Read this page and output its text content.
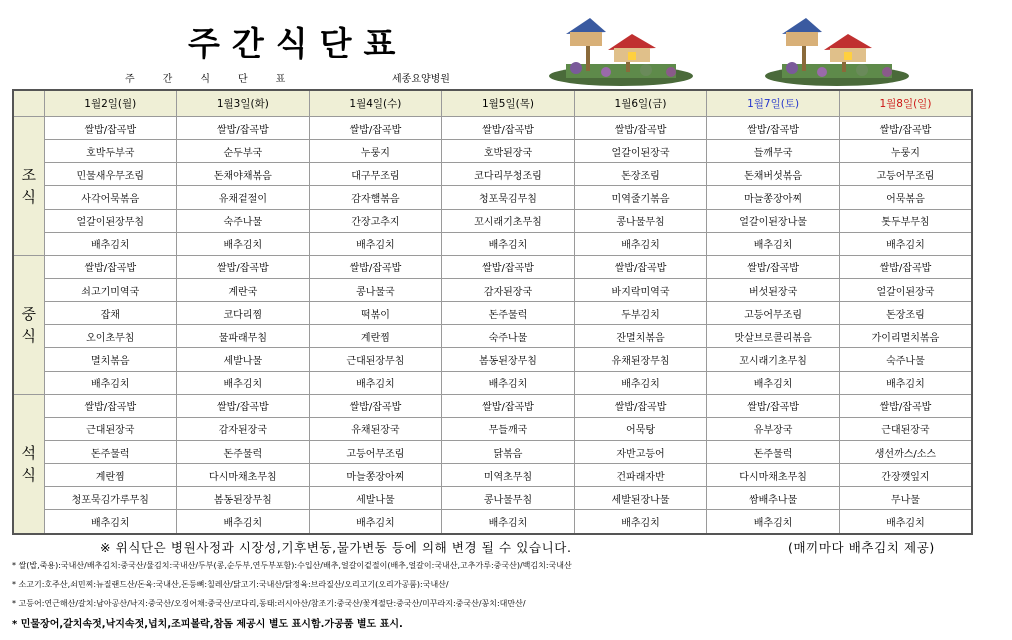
주간식단표
주간식단표	세종요양병원
	1월2일(월)	1월3일(화)	1월4일(수)	1월5일(목)	1월6일(금)	1월7일(토)	1월8일(일)
조
식	쌀밥/잡곡밥	쌀밥/잡곡밥	쌀밥/잡곡밥	쌀밥/잡곡밥	쌀밥/잡곡밥	쌀밥/잡곡밥	쌀밥/잡곡밥
	호박두부국	순두부국	누룽지	호박된장국	얼갈이된장국	들깨무국	누룽지
	민물새우무조림	돈채야채볶음	대구무조림	코다리무청조림	돈장조림	돈채버섯볶음	고등어무조림
	사각어묵볶음	유채겉절이	감자햄볶음	청포묵김무침	미역줄기볶음	마늘쫑장아찌	어묵볶음
	얼갈이된장무침	숙주나물	간장고추지	꼬시래기초무침	콩나물무침	얼갈이된장나물	톳두부무침
	배추김치	배추김치	배추김치	배추김치	배추김치	배추김치	배추김치
중
식	쌀밥/잡곡밥	쌀밥/잡곡밥	쌀밥/잡곡밥	쌀밥/잡곡밥	쌀밥/잡곡밥	쌀밥/잡곡밥	쌀밥/잡곡밥
	쇠고기미역국	계란국	콩나물국	감자된장국	바지락미역국	버섯된장국	얼갈이된장국
	잡채	코다리찜	떡볶이	돈주물럭	두부김치	고등어무조림	돈장조림
	오이초무침	물파래무침	계란찜	숙주나물	잔멸치볶음	맛살브로콜리볶음	가이리멸치볶음
	멸치볶음	세발나물	근대된장무침	봄동된장무침	유채된장무침	꼬시래기초무침	숙주나물
	배추김치	배추김치	배추김치	배추김치	배추김치	배추김치	배추김치
석
식	쌀밥/잡곡밥	쌀밥/잡곡밥	쌀밥/잡곡밥	쌀밥/잡곡밥	쌀밥/잡곡밥	쌀밥/잡곡밥	쌀밥/잡곡밥
	근대된장국	감자된장국	유채된장국	무들깨국	어묵탕	유부장국	근대된장국
	돈주물럭	돈주물럭	고등어무조림	닭볶음	자반고등어	돈주물럭	생선까스/소스
	계란찜	다시마채초무침	마늘쫑장아찌	미역초무침	건파래자반	다시마채초무침	간장깻잎지
	청포묵김가루무침	봄동된장무침	세발나물	콩나물무침	세발된장나물	쌈배추나물	무나물
	배추김치	배추김치	배추김치	배추김치	배추김치	배추김치	배추김치
※ 위식단은 병원사정과 시장성,기후변동,물가변동 등에 의해 변경 될 수 있습니다.	(매끼마다 배추김치 제공)
* 쌀(밥,죽용):국내산/배추김치:중국산/물김치:국내산/두부(콩,순두부,연두부포함):수입산/배추,얼갈이겉절이(배추,얼갈이:국내산,고추가루:중국산)/백김치:국내산
* 소고기:호주산,쇠민찌:뉴질랜드산/돈육:국내산,돈등뼈:칠레산/닭고기:국내산/닭정육:브라질산/오리고기(오리가공품):국내산/
* 고등어:연근해산/갈치:남아공산/낙지:중국산/오징어채:중국산/코다리,동태:러시아산/참조기:중국산/꽃게절단:중국산/미꾸라지:중국산/꽁치:대만산/
* 민물장어,갈치속젓,낙지속젓,넙치,조피볼락,참돔 제공시 별도 표시함.가공품 별도 표시.
